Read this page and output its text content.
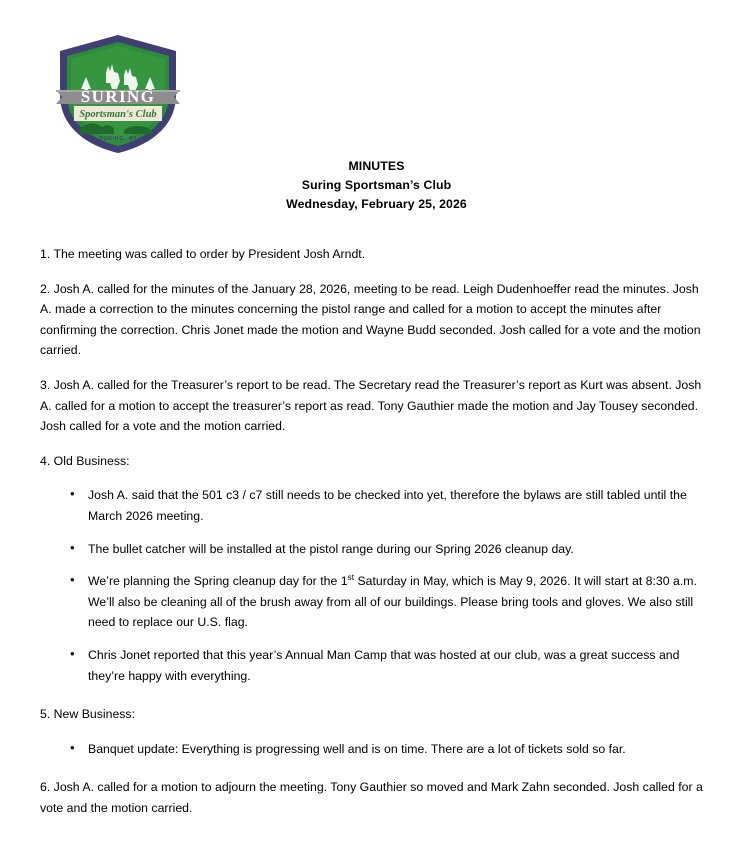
SURING
Sportsman's Club
SURING, WI
MINUTES
Suring Sportsman’s Club
Wednesday, February 25, 2026

1. The meeting was called to order by President Josh Arndt.

2. Josh A. called for the minutes of the January 28, 2026, meeting to be read. Leigh Dudenhoeffer read the minutes. Josh A. made a correction to the minutes concerning the pistol range and called for a motion to accept the minutes after confirming the correction. Chris Jonet made the motion and Wayne Budd seconded. Josh called for a vote and the motion carried.

3. Josh A. called for the Treasurer’s report to be read. The Secretary read the Treasurer’s report as Kurt was absent. Josh A. called for a motion to accept the treasurer’s report as read. Tony Gauthier made the motion and Jay Tousey seconded. Josh called for a vote and the motion carried.

4. Old Business:

• Josh A. said that the 501 c3 / c7 still needs to be checked into yet, therefore the bylaws are still tabled until the March 2026 meeting.
• The bullet catcher will be installed at the pistol range during our Spring 2026 cleanup day.
• We’re planning the Spring cleanup day for the 1st Saturday in May, which is May 9, 2026. It will start at 8:30 a.m. We’ll also be cleaning all of the brush away from all of our buildings. Please bring tools and gloves. We also still need to replace our U.S. flag.
• Chris Jonet reported that this year’s Annual Man Camp that was hosted at our club, was a great success and they’re happy with everything.

5. New Business:

• Banquet update: Everything is progressing well and is on time. There are a lot of tickets sold so far.

6. Josh A. called for a motion to adjourn the meeting. Tony Gauthier so moved and Mark Zahn seconded. Josh called for a vote and the motion carried.
